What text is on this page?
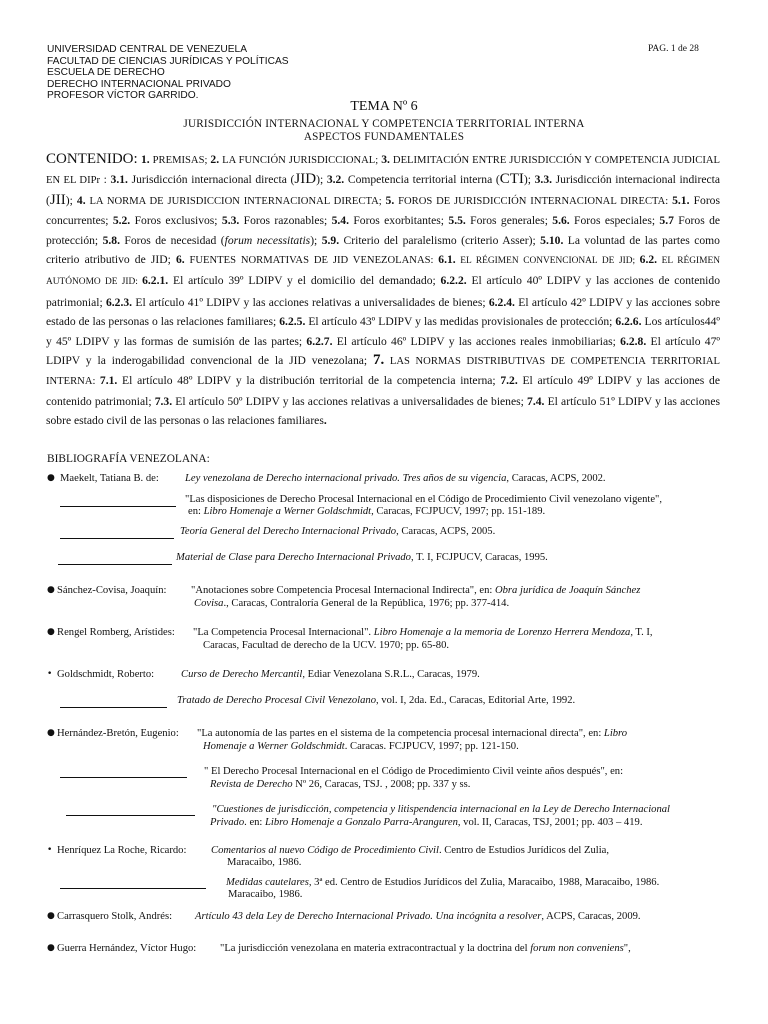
UNIVERSIDAD CENTRAL DE VENEZUELA
FACULTAD DE CIENCIAS JURÍDICAS Y POLÍTICAS
ESCUELA DE DERECHO
DERECHO INTERNACIONAL PRIVADO
PROFESOR VÍCTOR GARRIDO.
PAG. 1 de 28
TEMA Nº 6
JURISDICCIÓN INTERNACIONAL Y COMPETENCIA TERRITORIAL INTERNA
ASPECTOS FUNDAMENTALES
CONTENIDO: 1. PREMISAS; 2. LA FUNCIÓN JURISDICCIONAL; 3. DELIMITACIÓN ENTRE JURISDICCIÓN Y COMPETENCIA JUDICIAL EN EL DIPr : 3.1. Jurisdicción internacional directa (JID); 3.2. Competencia territorial interna (CTI); 3.3. Jurisdicción internacional indirecta (JII); 4. LA NORMA DE JURISDICCION INTERNACIONAL DIRECTA; 5. FOROS DE JURISDICCIÓN INTERNACIONAL DIRECTA: 5.1. Foros concurrentes; 5.2. Foros exclusivos; 5.3. Foros razonables; 5.4. Foros exorbitantes; 5.5. Foros generales; 5.6. Foros especiales; 5.7 Foros de protección; 5.8. Foros de necesidad (forum necessitatis); 5.9. Criterio del paralelismo (criterio Asser); 5.10. La voluntad de las partes como criterio atributivo de JID; 6. FUENTES NORMATIVAS DE JID VENEZOLANAS: 6.1. EL RÉGIMEN CONVENCIONAL DE JID; 6.2. EL RÉGIMEN AUTÓNOMO DE JID: 6.2.1. El artículo 39º LDIPV y el domicilio del demandado; 6.2.2. El artículo 40º LDIPV y las acciones de contenido patrimonial; 6.2.3. El artículo 41º LDIPV y las acciones relativas a universalidades de bienes; 6.2.4. El artículo 42º LDIPV y las acciones sobre estado de las personas o las relaciones familiares; 6.2.5. El artículo 43º LDIPV y las medidas provisionales de protección; 6.2.6. Los artículos44º y 45º LDIPV y las formas de sumisión de las partes; 6.2.7. El artículo 46º LDIPV y las acciones reales inmobiliarias; 6.2.8. El artículo 47º LDIPV y la inderogabilidad convencional de la JID venezolana; 7. LAS NORMAS DISTRIBUTIVAS DE COMPETENCIA TERRITORIAL INTERNA: 7.1. El artículo 48º LDIPV y la distribución territorial de la competencia interna; 7.2. El artículo 49º LDIPV y las acciones de contenido patrimonial; 7.3. El artículo 50º LDIPV y las acciones relativas a universalidades de bienes; 7.4. El artículo 51º LDIPV y las acciones sobre estado civil de las personas o las relaciones familiares.
BIBLIOGRAFÍA VENEZOLANA:
● Maekelt, Tatiana B. de: Ley venezolana de Derecho internacional privado. Tres años de su vigencia, Caracas, ACPS, 2002.
"Las disposiciones de Derecho Procesal Internacional en el Código de Procedimiento Civil venezolano vigente",
en: Libro Homenaje a Werner Goldschmidt, Caracas, FCJPUCV, 1997; pp. 151-189.
Teoría General del Derecho Internacional Privado, Caracas, ACPS, 2005.
Material de Clase para Derecho Internacional Privado, T. I, FCJPUCV, Caracas, 1995.
● Sánchez-Covisa, Joaquín: "Anotaciones sobre Competencia Procesal Internacional Indirecta", en: Obra jurídica de Joaquín Sánchez
Covisa., Caracas, Contraloría General de la República, 1976; pp. 377-414.
● Rengel Romberg, Arístides: "La Competencia Procesal Internacional". Libro Homenaje a la memoria de Lorenzo Herrera Mendoza, T. I,
Caracas, Facultad de derecho de la UCV. 1970; pp. 65-80.
• Goldschmidt, Roberto:	Curso de Derecho Mercantil, Ediar Venezolana S.R.L., Caracas, 1979.
Tratado de Derecho Procesal Civil Venezolano, vol. I, 2da. Ed., Caracas, Editorial Arte, 1992.
● Hernández-Bretón, Eugenio: "La autonomía de las partes en el sistema de la competencia procesal internacional directa", en: Libro
Homenaje a Werner Goldschmidt. Caracas. FCJPUCV, 1997; pp. 121-150.
" El Derecho Procesal Internacional en el Código de Procedimiento Civil veinte años después", en:
Revista de Derecho Nº 26, Caracas, TSJ. , 2008; pp. 337 y ss.
"Cuestiones de jurisdicción, competencia y litispendencia internacional en la Ley de Derecho Internacional
Privado. en: Libro Homenaje a Gonzalo Parra-Aranguren, vol. II, Caracas, TSJ, 2001; pp. 403 – 419.
• Henríquez La Roche, Ricardo: Comentarios al nuevo Código de Procedimiento Civil. Centro de Estudios Jurídicos del Zulia,
Maracaibo, 1986.
Medidas cautelares, 3ª ed. Centro de Estudios Jurídicos del Zulia, Maracaibo, 1988, Maracaibo, 1986.
Maracaibo, 1986.
● Carrasquero Stolk, Andrés: Artículo 43 dela Ley de Derecho Internacional Privado. Una incógnita a resolver, ACPS, Caracas, 2009.
● Guerra Hernández, Víctor Hugo: "La jurisdicción venezolana en materia extracontractual y la doctrina del forum non conveniens",
